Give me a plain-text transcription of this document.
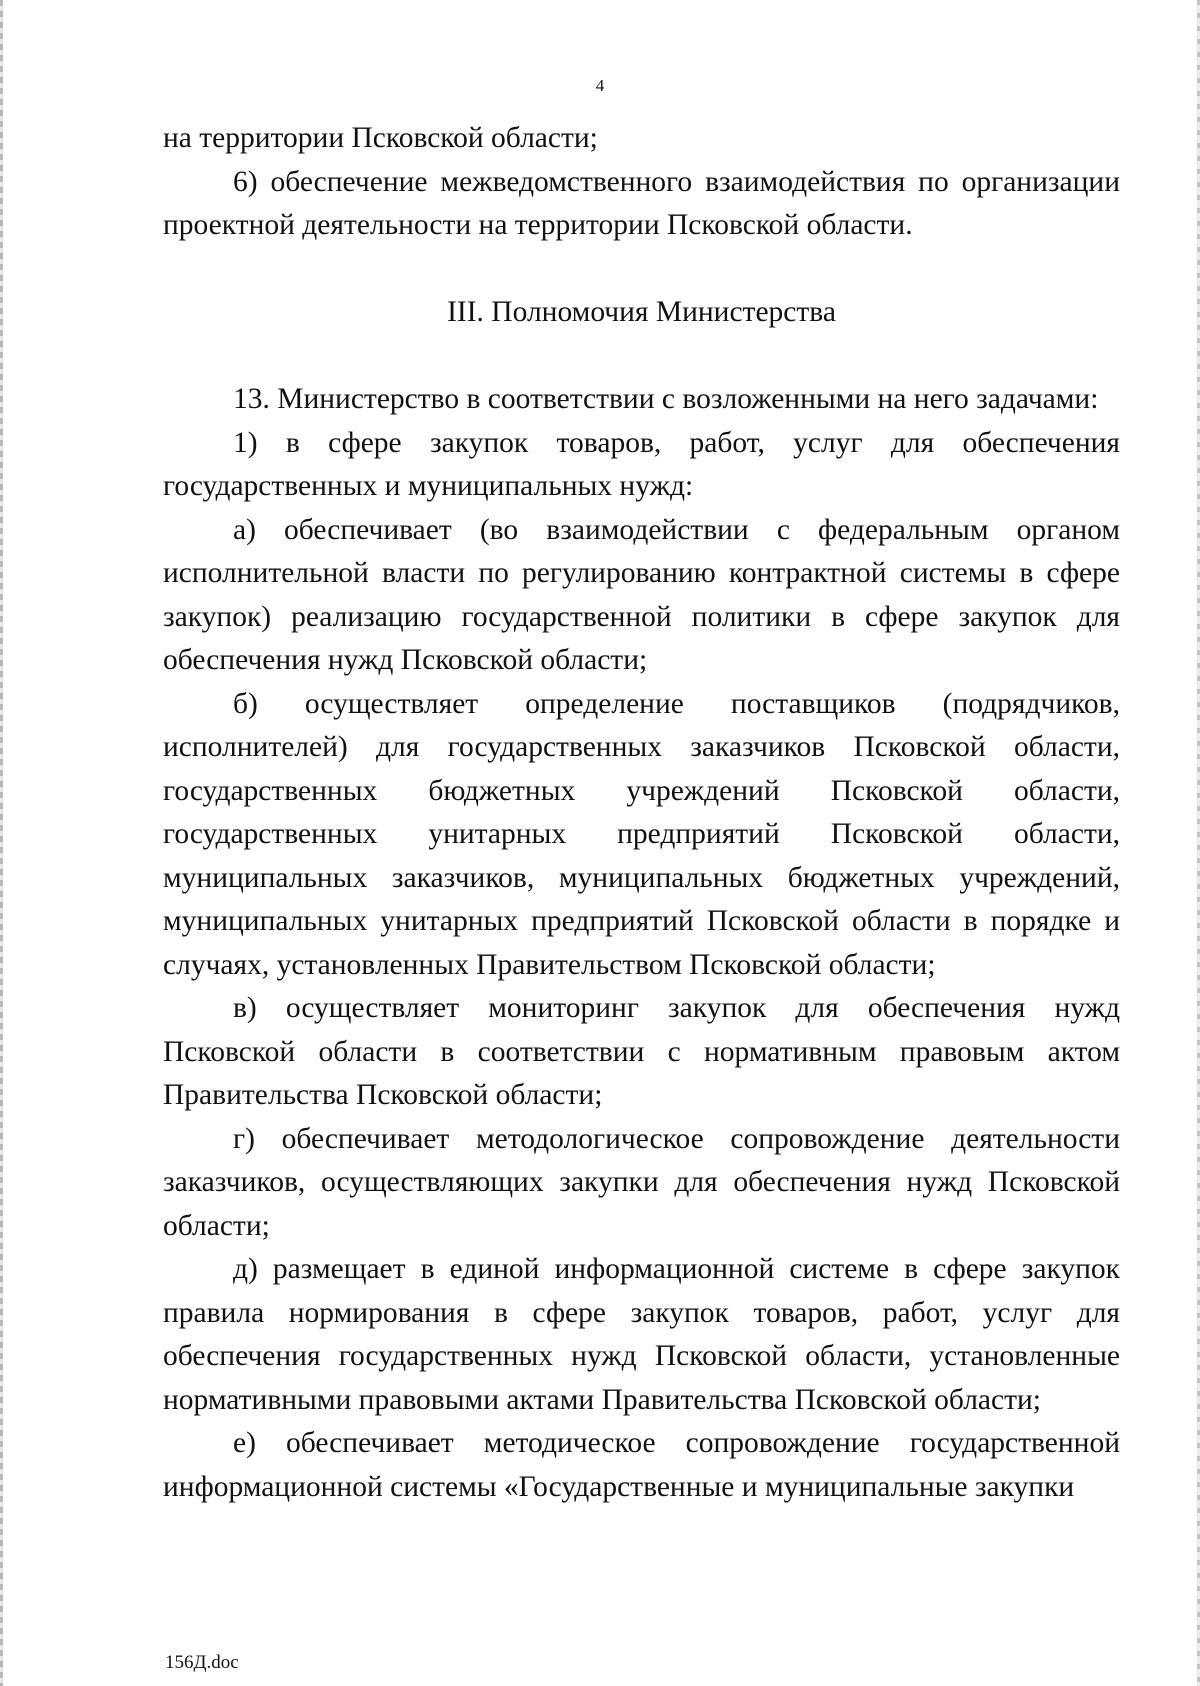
4

на территории Псковской области;

6) обеспечение межведомственного взаимодействия по организации проектной деятельности на территории Псковской области.

III. Полномочия Министерства

13. Министерство в соответствии с возложенными на него задачами:

1) в сфере закупок товаров, работ, услуг для обеспечения государственных и муниципальных нужд:

а) обеспечивает (во взаимодействии с федеральным органом исполнительной власти по регулированию контрактной системы в сфере закупок) реализацию государственной политики в сфере закупок для обеспечения нужд Псковской области;

б) осуществляет определение поставщиков (подрядчиков, исполнителей) для государственных заказчиков Псковской области, государственных бюджетных учреждений Псковской области, государственных унитарных предприятий Псковской области, муниципальных заказчиков, муниципальных бюджетных учреждений, муниципальных унитарных предприятий Псковской области в порядке и случаях, установленных Правительством Псковской области;

в) осуществляет мониторинг закупок для обеспечения нужд Псковской области в соответствии с нормативным правовым актом Правительства Псковской области;

г) обеспечивает методологическое сопровождение деятельности заказчиков, осуществляющих закупки для обеспечения нужд Псковской области;

д) размещает в единой информационной системе в сфере закупок правила нормирования в сфере закупок товаров, работ, услуг для обеспечения государственных нужд Псковской области, установленные нормативными правовыми актами Правительства Псковской области;

е) обеспечивает методическое сопровождение государственной информационной системы «Государственные и муниципальные закупки

156Д.doc
